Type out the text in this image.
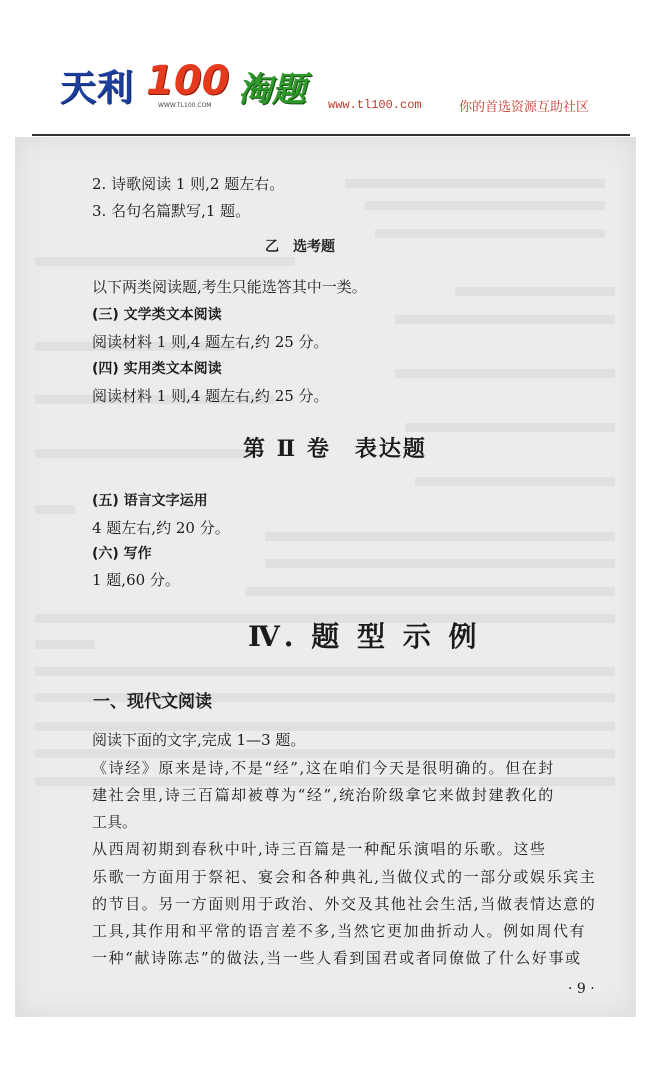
天利 100 淘题
WWW.TL100.COM	www.tl100.com	你的首选资源互助社区
2. 诗歌阅读 1 则,2 题左右。
3. 名句名篇默写,1 题。
乙　选考题
以下两类阅读题,考生只能选答其中一类。
(三) 文学类文本阅读
阅读材料 1 则,4 题左右,约 25 分。
(四) 实用类文本阅读
阅读材料 1 则,4 题左右,约 25 分。
第 Ⅱ 卷　表达题
(五) 语言文字运用
4 题左右,约 20 分。
(六) 写作
1 题,60 分。
Ⅳ. 题 型 示 例
一、现代文阅读
阅读下面的文字,完成 1—3 题。
《诗经》原来是诗,不是“经”,这在咱们今天是很明确的。但在封
建社会里,诗三百篇却被尊为“经”,统治阶级拿它来做封建教化的
工具。
从西周初期到春秋中叶,诗三百篇是一种配乐演唱的乐歌。这些
乐歌一方面用于祭祀、宴会和各种典礼,当做仪式的一部分或娱乐宾主
的节目。另一方面则用于政治、外交及其他社会生活,当做表情达意的
工具,其作用和平常的语言差不多,当然它更加曲折动人。例如周代有
一种“献诗陈志”的做法,当一些人看到国君或者同僚做了什么好事或
· 9 ·
